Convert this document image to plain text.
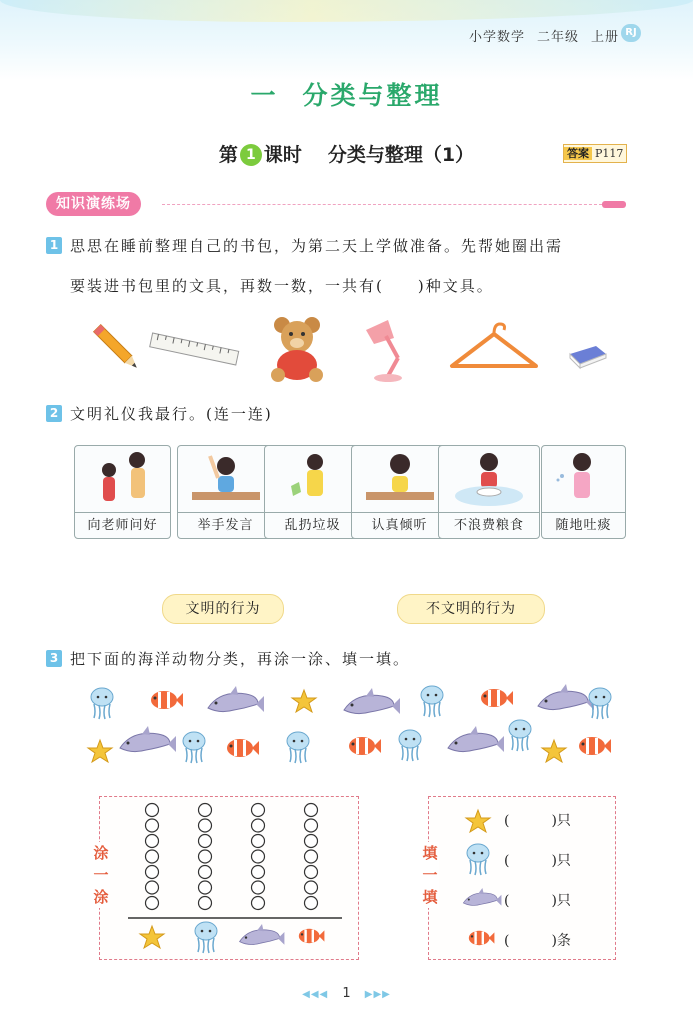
小学数学 二年级 上册 RJ
一 分类与整理
第 1 课时 分类与整理（1）	答案 P117
知识演练场
1 思思在睡前整理自己的书包，为第二天上学做准备。先帮她圈出需
要装进书包里的文具，再数一数，一共有(　　)种文具。
2 文明礼仪我最行。(连一连)
向老师问好	举手发言	乱扔垃圾	认真倾听	不浪费粮食	随地吐痰
文明的行为	不文明的行为
3 把下面的海洋动物分类，再涂一涂、填一填。
涂
一
涂
填
一
填
(	)只
(	)只
(	)只
(	)条
◀◀◀ 1 ▶▶▶
